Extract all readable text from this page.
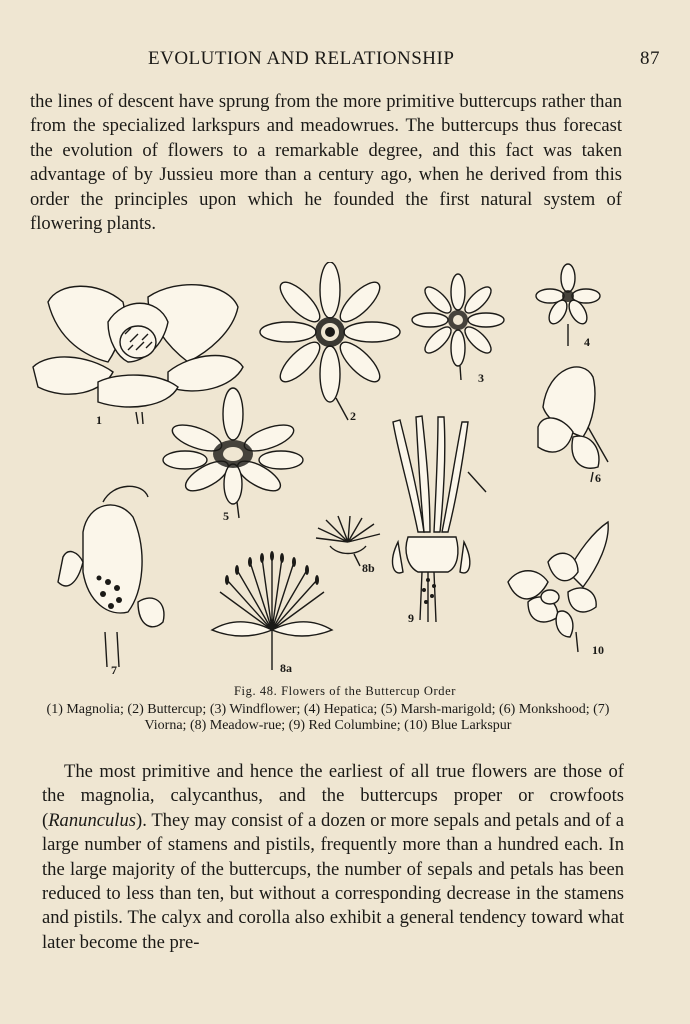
EVOLUTION AND RELATIONSHIP	87

the lines of descent have sprung from the more primitive buttercups rather than from the specialized larkspurs and meadowrues. The buttercups thus forecast the evolution of flowers to a remarkable degree, and this fact was taken advantage of by Jussieu more than a century ago, when he derived from this order the principles upon which he founded the first natural system of flowering plants.

1	2
3
4
5
6
7	8a
8b
9
10
Fig. 48. Flowers of the Buttercup Order
(1) Magnolia; (2) Buttercup; (3) Windflower; (4) Hepatica; (5) Marsh-marigold; (6) Monkshood; (7) Viorna; (8) Meadow-rue; (9) Red Columbine; (10) Blue Larkspur

The most primitive and hence the earliest of all true flowers are those of the magnolia, calycanthus, and the buttercups proper or crowfoots (Ranunculus). They may consist of a dozen or more sepals and petals and of a large number of stamens and pistils, frequently more than a hundred each. In the large majority of the buttercups, the number of sepals and petals has been reduced to less than ten, but without a corresponding decrease in the stamens and pistils. The calyx and corolla also exhibit a general tendency toward what later become the pre-
